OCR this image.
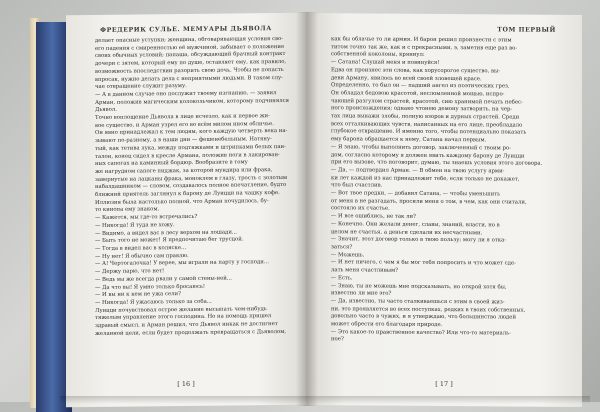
ФРЕДЕРИК СУЛЬЕ. МЕМУАРЫ ДЬЯВОЛА

делает опасные уступки; женщина, обговаривающая условия сво-

его падения с смиренностью её мужчиной, забывает о положение

своих обычных условий; папаша, обсуждающий брачный контракт

дочери с зятем, который ему по душе, оставляет ему, как правило,

возможность впоследствии разорить свою дочь. Чтобы не попасть

впросак, нужно делать дела с неприятными людьми. В таком слу-

чае отвращение служит разуму.

— А в данном случае оно послужит твоему изгнанию, — заявил

Арман, положив магическим колокольчиком, которому подчинялся

Дьявол.

Точно воплощение Дьявола в лице исчезло, как и первое жи-

вое существо, и Арман узрел его во всём милом ином обличье.

Он явно принадлежал к тем людям, кого каждую четверть века на-

зывают по-разному, а в наши дни — фешенебельным. Натяну-

тый, как тетива лука, между подтяжками и штрипками белых пан-

талон, конец сидел в кресле Армана, положив ноги в лакирован-

ных сапогах на каминный бордюр. Вообразите в тому

же нагрудном сапоге пиджак, за которой мундира или фрака,

завернутые на лацканы фрака, моноклем в глазу, трость с золотым

набалдашником — словом, создавалось полное впечатление, будто

ближний приятель заглянул к барону де Луицци на чашку кофе.

Иллюзия была настолько полной, что Арман почудилось, бу-

то кинопа ему знаком.

— Кажется, мы где-то встречались?

— Никогда! Я туда не хожу.

— Видимо, а видел вас в лесу верхом на лошади...

— Быть того не может! Я предпочитаю бег трусцой.

— Тогда в видел вас в коляске...

— Ну нет! Я обычно сам правлю.

— А! Чертогалочка! У верее, мы играли на парту у господи...

— Держу парю, что нет!

— Ведь вы же всегда рвали у самой стены-ней...

— Да что вы! Я умно только бросаюсь!

— И вы ни к кем не ужа сели?

— Никогда! Я ужасаюсь только за соба...

Луицци почувствовал острое желание высыпать чем-нибудь

тяжелым управление этого господина. Но на помощь пришел

здравый смысл, и Арман решил, что Дьявол никак не достигнет

желанной цели, если будет продолжать превращаться с Дьяволом,

[ 16 ]
ТОМ ПЕРВЫЙ

как бы облачье то ли армия. И барон решил произнести с этим

титом точно так же, как и с прекрасными, э, заметив еще раз во-

собственной коколоны, кряниул:

— Сатана! Слушай меня и повинуйся!

Едва он произнес эти слова, как хорусорогое существо, вы-

деви Арману, явилось во всей своей зловещей красе.

Определенно, то был он — падший ангел из поэтических грез.

Он обладал бедовою красотой, несломленной мощью, испро-

чающей разгулом страстей, красотой, сию хранимой печать небес-

ного происхождения; однако чтонею демону затворить, на чер-

тах лица вынажи злобы, полную взоров и дурных страстей. Среди

всех отталкивающих чувств, написанных на его лице, преобладало

глубокое отвращение. И именно того, чтобы потенциально показать

ему барона обращается к нему, Сатана начал первым.

— Я знаю, чтобы выполнить договор, заключенный с твоим ро-

дом, согласно которому я должен явить каждому барону де Луицци

при его вызове, что поговорит, думаю, ты знаешь условия этого договора.

— Да, — подтвердил Арман. — В обмен на твою услугу арми-

ки лет каждой из нас принадлежит тебе, если только не докажет,

что был счастлив.

— Вот твое предки, — добавил Сатана, — чтобы уменьшить

от меня в не разгадать, просили меня о том, в чем, как они считали,

состояло их счастье.

— И все ошиблись, не так ли?

— Конечно. Они желали денег, славы, знаний, власти, но в

целом не счастья, а деньги сделали их несчастными.

— Значит, этот договор только в твою пользу; могу ли я отка-

заться?

— Можешь.

— И нет ничего, с чем я бы мог тебя попросить и что может сде-

лать меня счастливым?

— Есть.

— Знаю, ты не можешь мне подсказывать, но открой хотя бы,

известно ли мне это?

— Да, известно, ты часто сталкиваешься с этим в своей жиз-

ни, это проявляется во всех поступках, редких в твоих собственных,

довольно часто в чужих, и я утверждаю, что большинство людей

может обрести его благодаря природе.

— Это какое-то нравственное качество? Или что-то материаль-

ное?

[ 17 ]
